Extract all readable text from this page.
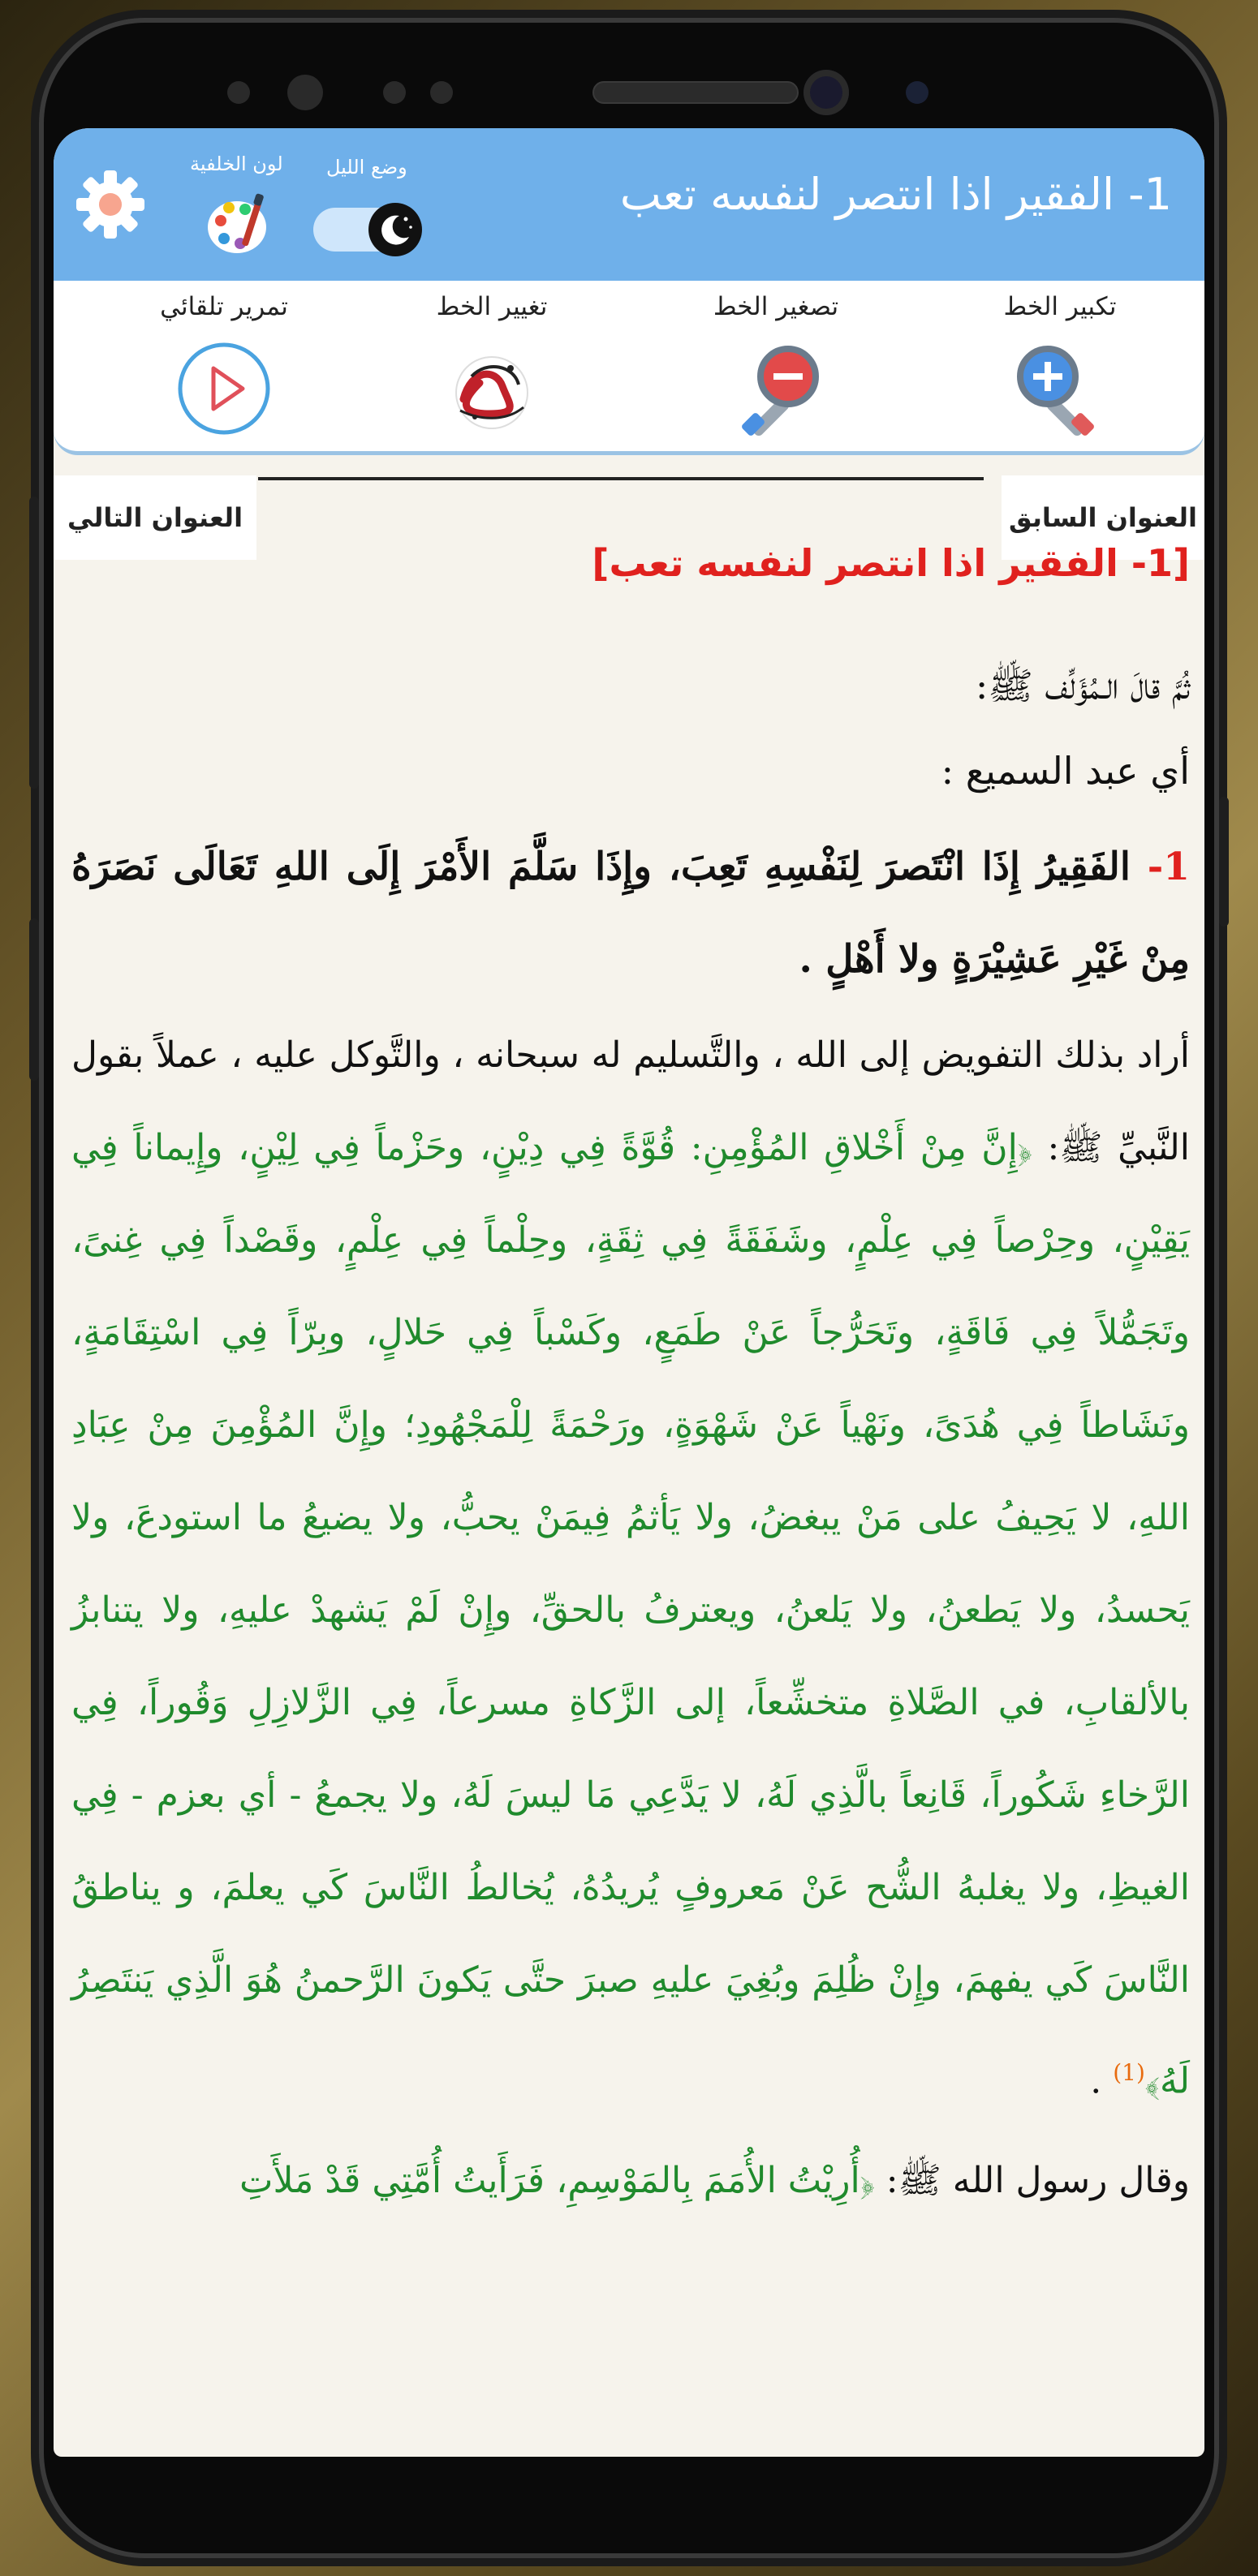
لون الخلفية وضع الليل
1- الفقير اذا انتصر لنفسه تعب
تكبير الخط
تصغير الخط
تغيير الخط
تمرير تلقائي
العنوان السابق
العنوان التالي

[1- الفقير اذا انتصر لنفسه تعب]

ثُمَّ قالَ الـمُؤَلِّف ﷺ:

أي عبد السميع :

1- الفَقِيرُ إِذَا انْتَصرَ لِنَفْسِهِ تَعِبَ، وإِذَا سَلَّمَ الأَمْرَ إِلَى اللهِ تَعَالَى نَصَرَهُ مِنْ غَيْرِ عَشِيْرَةٍ ولا أَهْلٍ .

أراد بذلك التفويض إلى الله ، والتَّسليم له سبحانه ، والتَّوكل عليه ، عملاً بقول النَّبيِّ ﷺ: ﴿إِنَّ مِنْ أَخْلاقِ المُؤْمِنِ: قُوَّةً فِي دِيْنٍ، وحَزْماً فِي لِيْنٍ، وإِيماناً فِي يَقِيْنٍ، وحِرْصاً فِي عِلْمٍ، وشَفَقَةً فِي ثِقَةٍ، وحِلْماً فِي عِلْمٍ، وقَصْداً فِي غِنىً، وتَجَمُّلاً فِي فَاقَةٍ، وتَحَرُّجاً عَنْ طَمَعٍ، وكَسْباً فِي حَلالٍ، وبِرّاً فِي اسْتِقَامَةٍ، ونَشَاطاً فِي هُدَىً، ونَهْياً عَنْ شَهْوَةٍ، ورَحْمَةً لِلْمَجْهُودِ؛ وإِنَّ المُؤْمِنَ مِنْ عِبَادِ اللهِ، لا يَحِيفُ على مَنْ يبغضُ، ولا يَأثمُ فِيمَنْ يحبُّ، ولا يضيعُ ما استودعَ، ولا يَحسدُ، ولا يَطعنُ، ولا يَلعنُ، ويعترفُ بالحقِّ، وإِنْ لَمْ يَشهدْ عليهِ، ولا يتنابزُ بالألقابِ، في الصَّلاةِ متخشِّعاً، إلى الزَّكاةِ مسرعاً، فِي الزَّلازِلِ وَقُوراً، فِي الرَّخاءِ شَكُوراً، قَانِعاً بالَّذِي لَهُ، لا يَدَّعِي مَا ليسَ لَهُ، ولا يجمعُ - أي بعزم - فِي الغيظِ، ولا يغلبهُ الشُّح عَنْ مَعروفٍ يُريدُهُ، يُخالطُ النَّاسَ كَي يعلمَ، و يناطقُ النَّاسَ كَي يفهمَ، وإِنْ ظُلِمَ وبُغِيَ عليهِ صبرَ حتَّى يَكونَ الرَّحمنُ هُوَ الَّذِي يَنتَصِرُ لَهُ﴾$^{(1)}$ .

وقال رسول الله ﷺ: ﴿أُرِيْتُ الأُمَمَ بِالمَوْسِمِ، فَرَأَيتُ أُمَّتِي قَدْ مَلأَتِ
